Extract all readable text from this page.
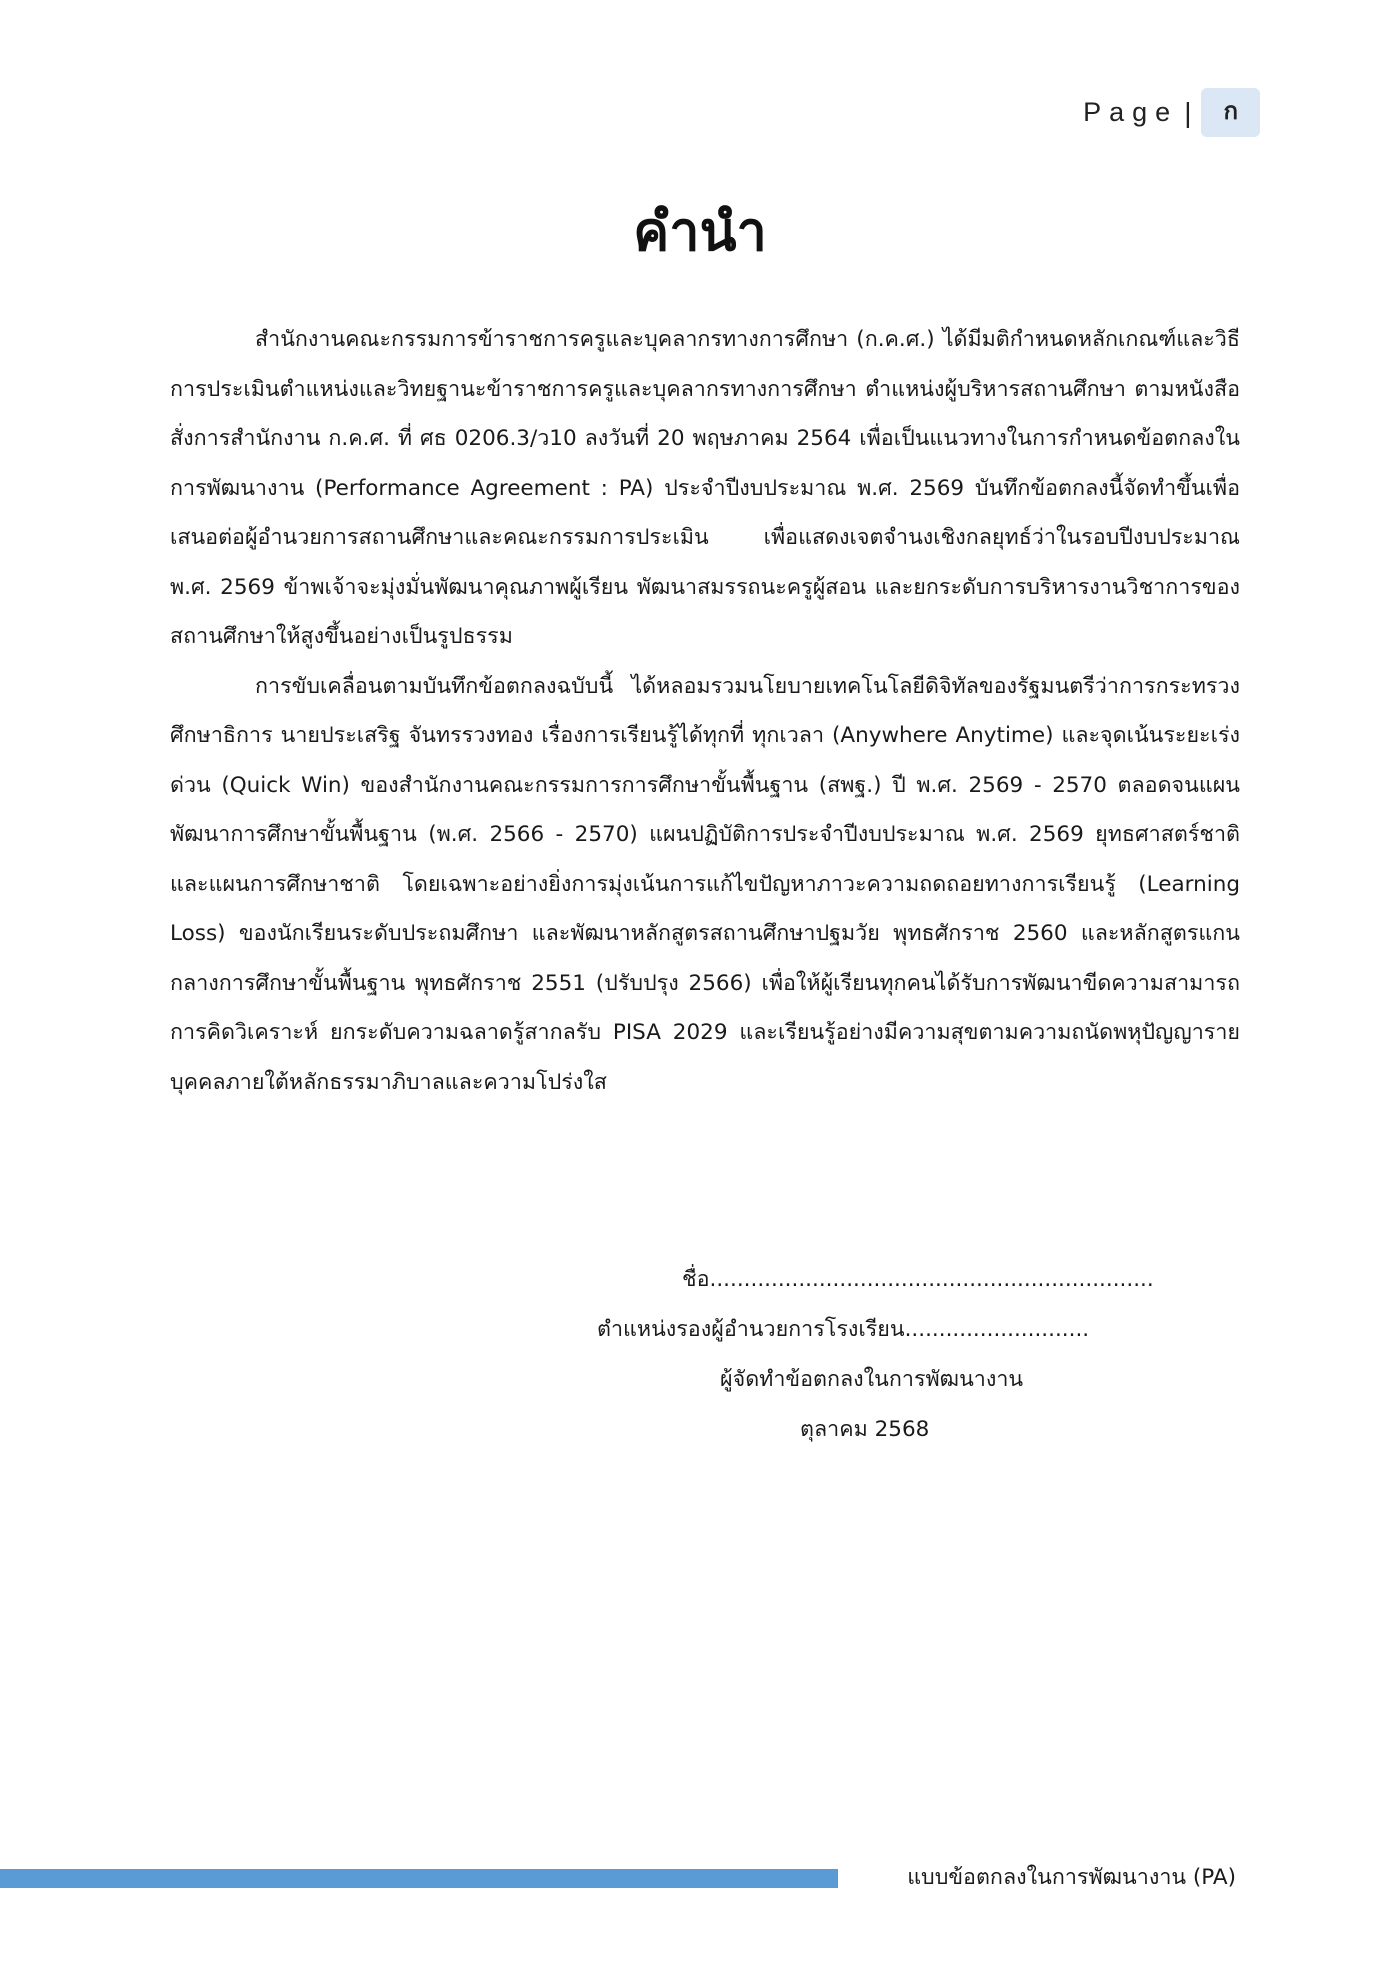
Page |	ก
คำนำ

สำนักงานคณะกรรมการข้าราชการครูและบุคลากรทางการศึกษา (ก.ค.ศ.) ได้มีมติกำหนดหลักเกณฑ์และวิธีการประเมินตำแหน่งและวิทยฐานะข้าราชการครูและบุคลากรทางการศึกษา ตำแหน่งผู้บริหารสถานศึกษา ตามหนังสือสั่งการสำนักงาน ก.ค.ศ. ที่ ศธ 0206.3/ว10 ลงวันที่ 20 พฤษภาคม 2564 เพื่อเป็นแนวทางในการกำหนดข้อตกลงในการพัฒนางาน (Performance Agreement : PA) ประจำปีงบประมาณ พ.ศ. 2569 บันทึกข้อตกลงนี้จัดทำขึ้นเพื่อเสนอต่อผู้อำนวยการสถานศึกษาและคณะกรรมการประเมิน เพื่อแสดงเจตจำนงเชิงกลยุทธ์ว่าในรอบปีงบประมาณ พ.ศ. 2569 ข้าพเจ้าจะมุ่งมั่นพัฒนาคุณภาพผู้เรียน พัฒนาสมรรถนะครูผู้สอน และยกระดับการบริหารงานวิชาการของสถานศึกษาให้สูงขึ้นอย่างเป็นรูปธรรม

การขับเคลื่อนตามบันทึกข้อตกลงฉบับนี้ ได้หลอมรวมนโยบายเทคโนโลยีดิจิทัลของรัฐมนตรีว่าการกระทรวงศึกษาธิการ นายประเสริฐ จันทรรวงทอง เรื่องการเรียนรู้ได้ทุกที่ ทุกเวลา (Anywhere Anytime) และจุดเน้นระยะเร่งด่วน (Quick Win) ของสำนักงานคณะกรรมการการศึกษาขั้นพื้นฐาน (สพฐ.) ปี พ.ศ. 2569 - 2570 ตลอดจนแผนพัฒนาการศึกษาขั้นพื้นฐาน (พ.ศ. 2566 - 2570) แผนปฏิบัติการประจำปีงบประมาณ พ.ศ. 2569 ยุทธศาสตร์ชาติ และแผนการศึกษาชาติ โดยเฉพาะอย่างยิ่งการมุ่งเน้นการแก้ไขปัญหาภาวะความถดถอยทางการเรียนรู้ (Learning Loss) ของนักเรียนระดับประถมศึกษา และพัฒนาหลักสูตรสถานศึกษาปฐมวัย พุทธศักราช 2560 และหลักสูตรแกนกลางการศึกษาขั้นพื้นฐาน พุทธศักราช 2551 (ปรับปรุง 2566) เพื่อให้ผู้เรียนทุกคนได้รับการพัฒนาขีดความสามารถการคิดวิเคราะห์ ยกระดับความฉลาดรู้สากลรับ PISA 2029 และเรียนรู้อย่างมีความสุขตามความถนัดพหุปัญญารายบุคคลภายใต้หลักธรรมาภิบาลและความโปร่งใส

ชื่อ.................................................................
ตำแหน่งรองผู้อำนวยการโรงเรียน...........................
ผู้จัดทำข้อตกลงในการพัฒนางาน
ตุลาคม 2568
แบบข้อตกลงในการพัฒนางาน (PA)
